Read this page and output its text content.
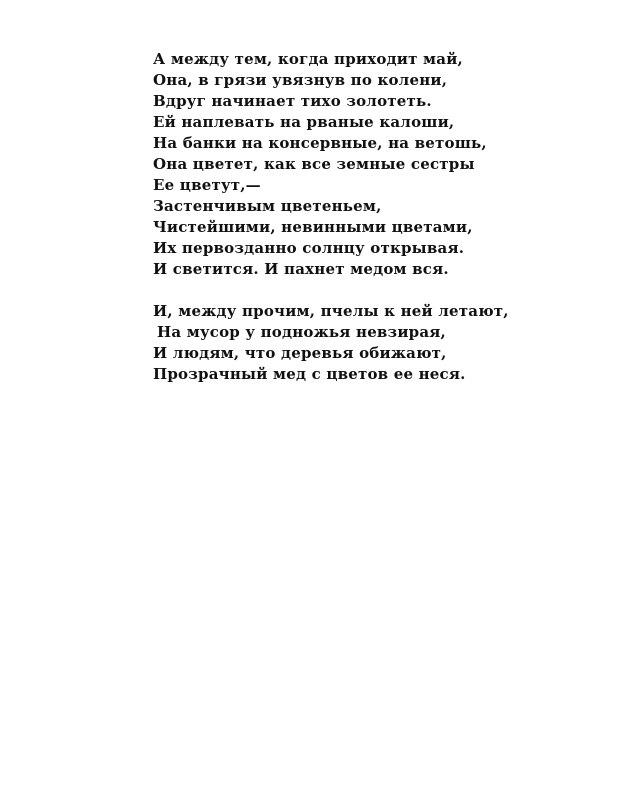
А между тем, когда приходит май,
Она, в грязи увязнув по колени,
Вдруг начинает тихо золотеть.
Ей наплевать на рваные калоши,
На банки на консервные, на ветошь,
Она цветет, как все земные сестры
Ее цветут,—
Застенчивым цветеньем,
Чистейшими, невинными цветами,
Их первозданно солнцу открывая.
И светится. И пахнет медом вся.
И, между прочим, пчелы к ней летают,
На мусор у подножья невзирая,
И людям, что деревья обижают,
Прозрачный мед с цветов ее неся.
